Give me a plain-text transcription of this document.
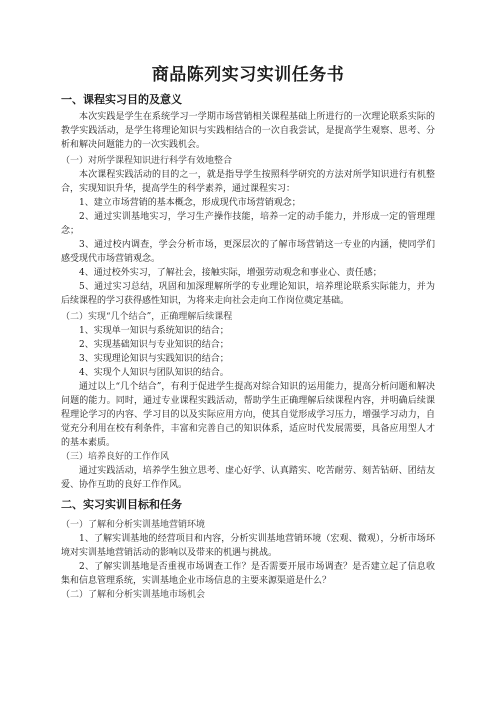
商品陈列实习实训任务书

一、课程实习目的及意义

本次实践是学生在系统学习一学期市场营销相关课程基础上所进行的一次理论联系实际的教学实践活动，是学生将理论知识与实践相结合的一次自我尝试，是提高学生观察、思考、分析和解决问题能力的一次实践机会。

（一）对所学课程知识进行科学有效地整合

本次课程实践活动的目的之一，就是指导学生按照科学研究的方法对所学知识进行有机整合，实现知识升华，提高学生的科学素养，通过课程实习：

1、建立市场营销的基本概念，形成现代市场营销观念；

2、通过实训基地实习，学习生产操作技能，培养一定的动手能力，并形成一定的管理理念；

3、通过校内调查，学会分析市场，更深层次的了解市场营销这一专业的内涵，使同学们感受现代市场营销观念。

4、通过校外实习，了解社会，接触实际，增强劳动观念和事业心、责任感；

5、通过实习总结，巩固和加深理解所学的专业理论知识，培养理论联系实际能力，并为后续课程的学习获得感性知识，为将来走向社会走向工作岗位奠定基础。

（二）实现“几个结合”，正确理解后续课程

1、实现单一知识与系统知识的结合；

2、实现基础知识与专业知识的结合；

3、实现理论知识与实践知识的结合；

4、实现个人知识与团队知识的结合。

通过以上“几个结合”，有利于促进学生提高对综合知识的运用能力，提高分析问题和解决问题的能力。同时，通过专业课程实践活动，帮助学生正确理解后续课程内容，并明确后续课程理论学习的内容、学习目的以及实际应用方向，使其自觉形成学习压力，增强学习动力，自觉充分利用在校有利条件，丰富和完善自己的知识体系，适应时代发展需要，具备应用型人才的基本素质。

（三）培养良好的工作作风

通过实践活动，培养学生独立思考、虚心好学、认真踏实、吃苦耐劳、刻苦钻研、团结友爱、协作互助的良好工作作风。

二、实习实训目标和任务

（一）了解和分析实训基地营销环境

1、了解实训基地的经营项目和内容，分析实训基地营销环境（宏观、微观），分析市场环境对实训基地营销活动的影响以及带来的机遇与挑战。

2、了解实训基地是否重视市场调查工作？是否需要开展市场调查？是否建立起了信息收集和信息管理系统，实训基地企业市场信息的主要来源渠道是什么？

（二）了解和分析实训基地市场机会
